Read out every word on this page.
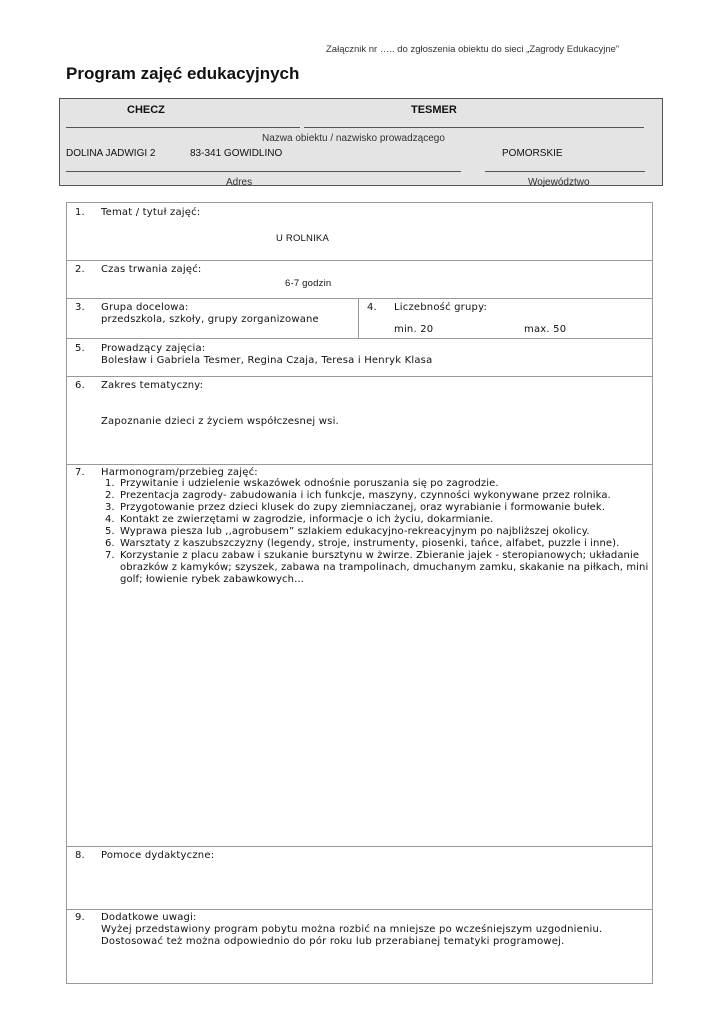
Załącznik nr ….. do zgłoszenia obiektu do sieci „Zagrody Edukacyjne”
Program zajęć edukacyjnych
CHECZ	TESMER
Nazwa obiektu / nazwisko prowadzącego
DOLINA JADWIGI 2	83-341 GOWIDLINO	POMORSKIE
Adres	Województwo
1. Temat / tytuł zajęć:
U ROLNIKA
2. Czas trwania zajęć:
6-7 godzin
3. Grupa docelowa:
przedszkola, szkoły, grupy zorganizowane
4. Liczebność grupy:
min. 20	max. 50
5. Prowadzący zajęcia:
Bolesław i Gabriela Tesmer, Regina Czaja, Teresa i Henryk Klasa
6. Zakres tematyczny:
Zapoznanie dzieci z życiem współczesnej wsi.
7. Harmonogram/przebieg zajęć:
1. Przywitanie i udzielenie wskazówek odnośnie poruszania się po zagrodzie.
2. Prezentacja zagrody- zabudowania i ich funkcje, maszyny, czynności wykonywane przez rolnika.
3. Przygotowanie przez dzieci klusek do zupy ziemniaczanej, oraz wyrabianie i formowanie bułek.
4. Kontakt ze zwierzętami w zagrodzie, informacje o ich życiu, dokarmianie.
5. Wyprawa piesza lub ,,agrobusem” szlakiem edukacyjno-rekreacyjnym po najbliższej okolicy.
6. Warsztaty z kaszubszczyzny (legendy, stroje, instrumenty, piosenki, tańce, alfabet, puzzle i inne).
7. Korzystanie z placu zabaw i szukanie bursztynu w żwirze. Zbieranie jajek - steropianowych; układanie obrazków z kamyków; szyszek, zabawa na trampolinach, dmuchanym zamku, skakanie na piłkach, mini golf; łowienie rybek zabawkowych…
8. Pomoce dydaktyczne:
9. Dodatkowe uwagi:
Wyżej przedstawiony program pobytu można rozbić na mniejsze po wcześniejszym uzgodnieniu.
Dostosować też można odpowiednio do pór roku lub przerabianej tematyki programowej.
